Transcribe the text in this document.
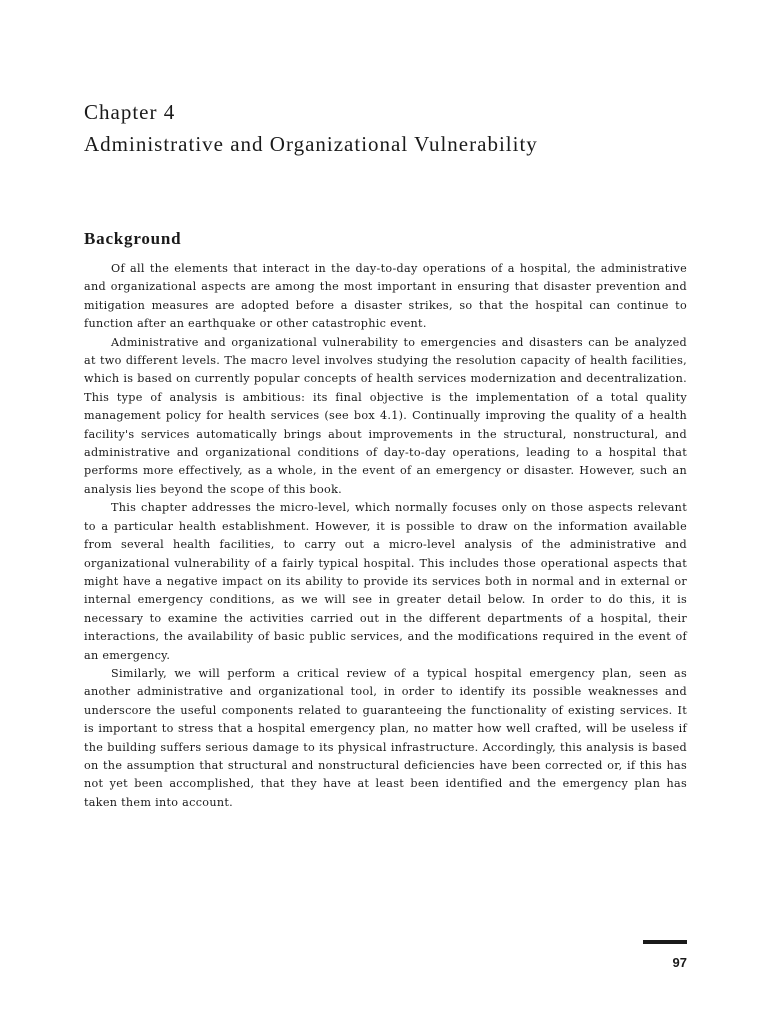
Chapter 4
Administrative and Organizational Vulnerability
Background

Of all the elements that interact in the day-to-day operations of a hospital, the administrative and organizational aspects are among the most important in ensuring that disaster prevention and mitigation measures are adopted before a disaster strikes, so that the hospital can continue to function after an earthquake or other catastrophic event.

Administrative and organizational vulnerability to emergencies and disasters can be analyzed at two different levels. The macro level involves studying the resolution capacity of health facilities, which is based on currently popular concepts of health services modernization and decentralization. This type of analysis is ambitious: its final objective is the implementation of a total quality management policy for health services (see box 4.1). Continually improving the quality of a health facility's services automatically brings about improvements in the structural, nonstructural, and administrative and organizational conditions of day-to-day operations, leading to a hospital that performs more effectively, as a whole, in the event of an emergency or disaster. However, such an analysis lies beyond the scope of this book.

This chapter addresses the micro-level, which normally focuses only on those aspects relevant to a particular health establishment. However, it is possible to draw on the information available from several health facilities, to carry out a micro-level analysis of the administrative and organizational vulnerability of a fairly typical hospital. This includes those operational aspects that might have a negative impact on its ability to provide its services both in normal and in external or internal emergency conditions, as we will see in greater detail below. In order to do this, it is necessary to examine the activities carried out in the different departments of a hospital, their interactions, the availability of basic public services, and the modifications required in the event of an emergency.

Similarly, we will perform a critical review of a typical hospital emergency plan, seen as another administrative and organizational tool, in order to identify its possible weaknesses and underscore the useful components related to guaranteeing the functionality of existing services. It is important to stress that a hospital emergency plan, no matter how well crafted, will be useless if the building suffers serious damage to its physical infrastructure. Accordingly, this analysis is based on the assumption that structural and nonstructural deficiencies have been corrected or, if this has not yet been accomplished, that they have at least been identified and the emergency plan has taken them into account.

97
